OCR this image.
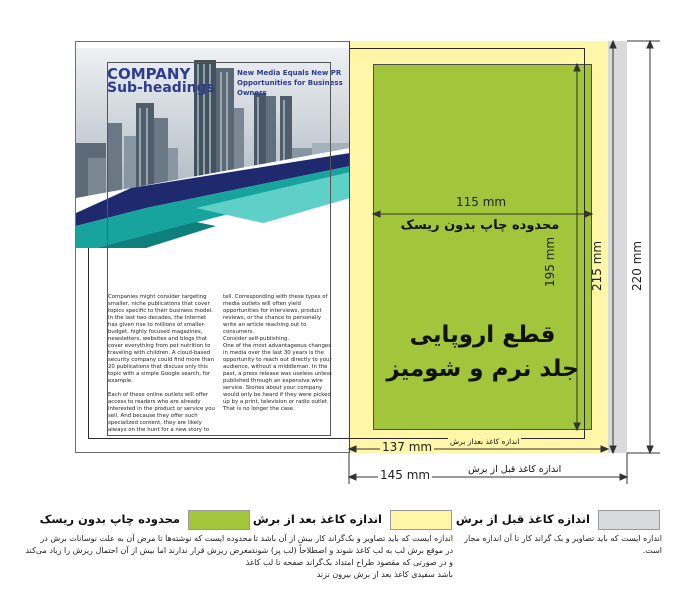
COMPANY
Sub-headings
New Media Equals New PR
Opportunities for Business
Owners
Companies might consider targeting
smaller, niche publications that cover
topics specific to their business model.
In the last two decades, the Internet
has given rise to millions of smaller-
budget, highly focused magazines,
newsletters, websites and blogs that
cover everything from pet nutrition to
traveling with children. A cloud-based
security company could find more than
20 publications that discuss only this
topic with a simple Google search, for
example.
Each of these online outlets will offer
access to readers who are already
interested in the product or service you
sell. And because they offer such
specialized content, they are likely
always on the hunt for a new story to
tell. Corresponding with these types of
media outlets will often yield
opportunities for interviews, product
reviews, or the chance to personally
write an article reaching out to
consumers.
Consider self-publishing.
One of the most advantageous changes
in media over the last 30 years is the
opportunity to reach out directly to your
audience, without a middleman. In the
past, a press release was useless unless
published through an expensive wire
service. Stories about your company
would only be heard if they were picked
up by a print, television or radio outlet.
That is no longer the case.
115 mm
محدوده چاپ بدون ریسک
195 mm	215 mm 220 mm
قطع اروپایی
جلد نرم و شومیز
137 mm اندازه کاغذ بعداز برش
145 mm	اندازه کاغذ قبل از برش
اندازه کاغذ قبل از برش
اندازه ایست که باید تصاویر و بک گراند کار تا آن اندازه مجاز
است.
اندازه کاغذ بعد از برش
اندازه ایست که باید تصاویر و بک‌گراند کار بیش از آن باشد تا
در موقع برش لب به لب کاغذ شوند و اصطلاحاً (لب پر) شوند
و در صورتی که مقصود طراح امتداد بک‌گراند صفحه تا لب کاغذ
باشد سفیدی کاغذ بعد از برش بیرون نزند
محدوده چاپ بدون ریسک
محدوده ایست که نوشته‌ها تا مرض آن به علت نوسانات برش در
معرض ریزش قرار ندارند اما بیش از آن احتمال ریزش را زیاد می‌کند
